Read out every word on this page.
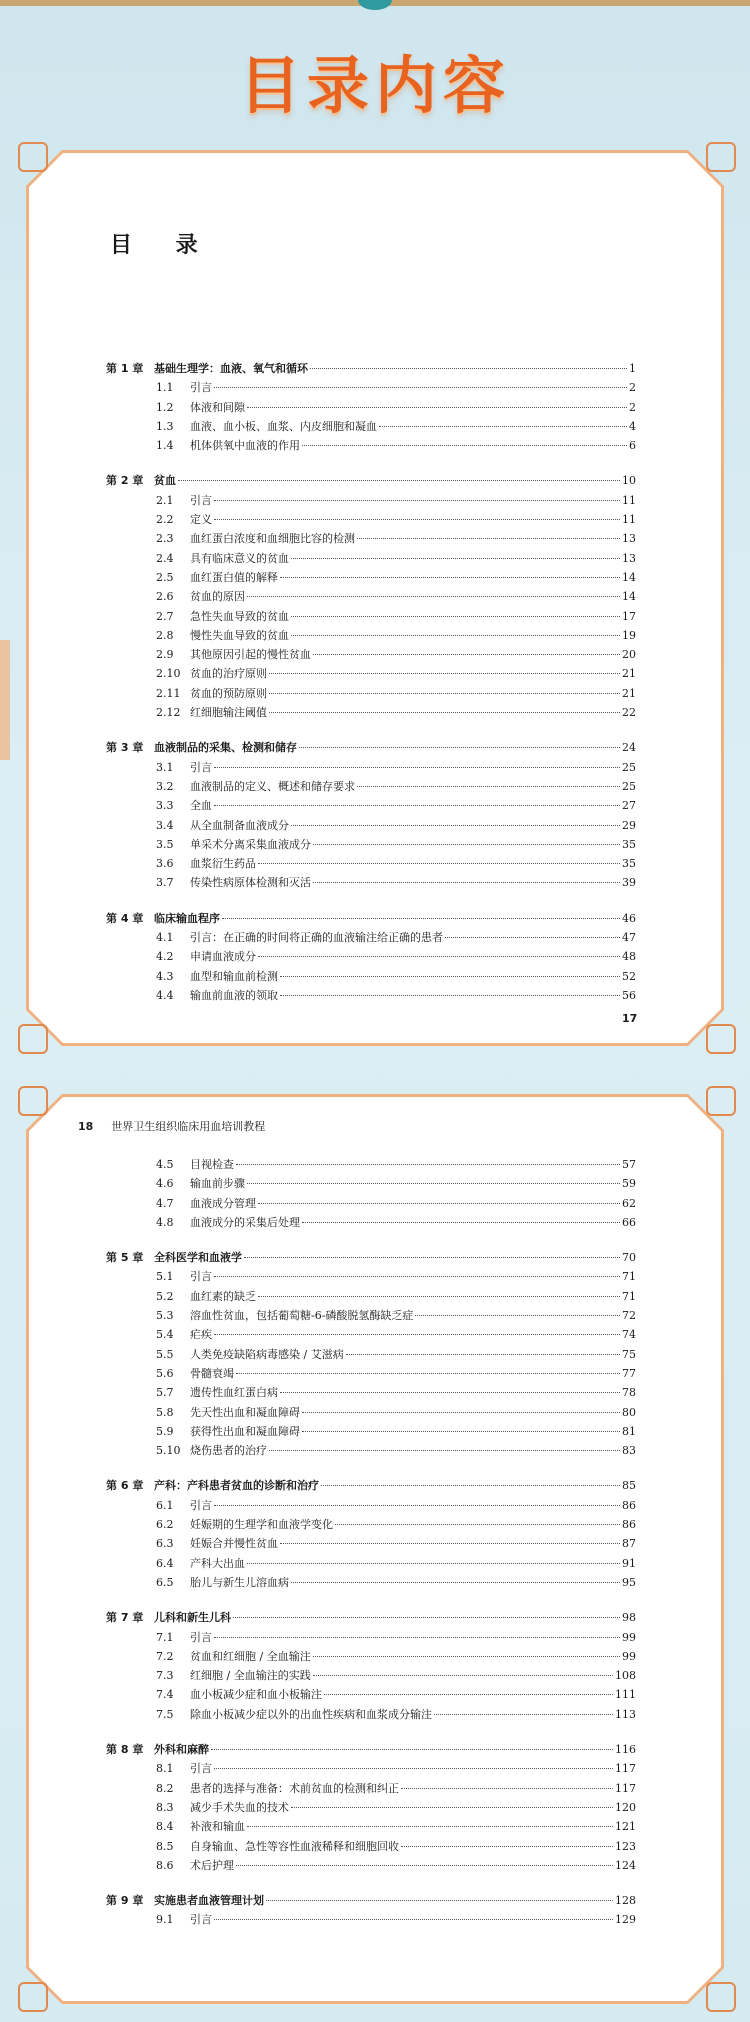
目录内容
目 录
第 1 章 基础生理学：血液、氧气和循环	1
1.1	引言	2
1.2	体液和间隙	2
1.3	血液、血小板、血浆、内皮细胞和凝血	4
1.4	机体供氧中血液的作用	6
第 2 章 贫血	10
2.1	引言	11
2.2	定义	11
2.3	血红蛋白浓度和血细胞比容的检测	13
2.4	具有临床意义的贫血	13
2.5	血红蛋白值的解释	14
2.6	贫血的原因	14
2.7	急性失血导致的贫血	17
2.8	慢性失血导致的贫血	19
2.9	其他原因引起的慢性贫血	20
2.10 贫血的治疗原则	21
2.11 贫血的预防原则	21
2.12 红细胞输注阈值	22
第 3 章 血液制品的采集、检测和储存	24
3.1	引言	25
3.2	血液制品的定义、概述和储存要求	25
3.3	全血	27
3.4	从全血制备血液成分	29
3.5	单采术分离采集血液成分	35
3.6	血浆衍生药品	35
3.7	传染性病原体检测和灭活	39
第 4 章 临床输血程序	46
4.1	引言：在正确的时间将正确的血液输注给正确的患者	47
4.2	申请血液成分	48
4.3	血型和输血前检测	52
4.4	输血前血液的领取	56
17
18 世界卫生组织临床用血培训教程
4.5	目视检查	57
4.6	输血前步骤	59
4.7	血液成分管理	62
4.8	血液成分的采集后处理	66
第 5 章 全科医学和血液学	70
5.1	引言	71
5.2	血红素的缺乏	71
5.3	溶血性贫血，包括葡萄糖-6-磷酸脱氢酶缺乏症	72
5.4	疟疾	74
5.5	人类免疫缺陷病毒感染 / 艾滋病	75
5.6	骨髓衰竭	77
5.7	遗传性血红蛋白病	78
5.8	先天性出血和凝血障碍	80
5.9	获得性出血和凝血障碍	81
5.10 烧伤患者的治疗	83
第 6 章 产科：产科患者贫血的诊断和治疗	85
6.1	引言	86
6.2	妊娠期的生理学和血液学变化	86
6.3	妊娠合并慢性贫血	87
6.4	产科大出血	91
6.5	胎儿与新生儿溶血病	95
第 7 章 儿科和新生儿科	98
7.1	引言	99
7.2	贫血和红细胞 / 全血输注	99
7.3	红细胞 / 全血输注的实践	108
7.4	血小板减少症和血小板输注	111
7.5	除血小板减少症以外的出血性疾病和血浆成分输注	113
第 8 章 外科和麻醉	116
8.1	引言	117
8.2	患者的选择与准备：术前贫血的检测和纠正	117
8.3	减少手术失血的技术	120
8.4	补液和输血	121
8.5	自身输血、急性等容性血液稀释和细胞回收	123
8.6	术后护理	124
第 9 章 实施患者血液管理计划	128
9.1	引言	129
